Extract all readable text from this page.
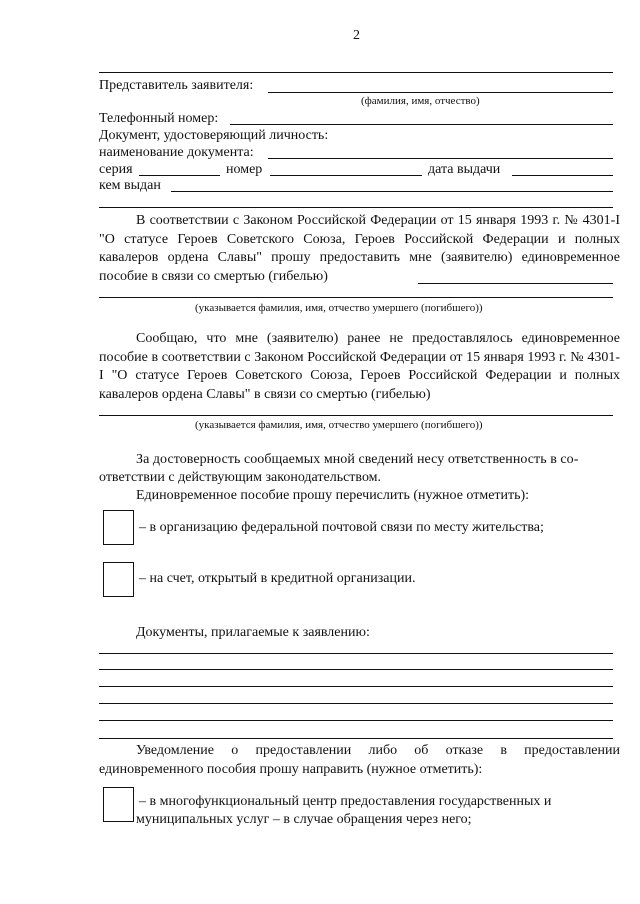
2
Представитель заявителя:
(фамилия, имя, отчество)
Телефонный номер:
Документ, удостоверяющий личность:
наименование документа:
серия	номер	дата выдачи
кем выдан
В соответствии с Законом Российской Федерации от 15 января 1993 г. № 4301-I "О статусе Героев Советского Союза, Героев Российской Федерации и полных кавалеров ордена Славы" прошу предоставить мне (заявителю) единовременное пособие в связи со смертью (гибелью)
(указывается фамилия, имя, отчество умершего (погибшего))
Сообщаю, что мне (заявителю) ранее не предоставлялось единовременное пособие в соответствии с Законом Российской Федерации от 15 января 1993 г. № 4301-I "О статусе Героев Советского Союза, Героев Российской Федерации и полных кавалеров ордена Славы" в связи со смертью (гибелью)
(указывается фамилия, имя, отчество умершего (погибшего))
За достоверность сообщаемых мной сведений несу ответственность в со-
ответствии с действующим законодательством.
Единовременное пособие прошу перечислить (нужное отметить):
– в организацию федеральной почтовой связи по месту жительства;
– на счет, открытый в кредитной организации.
Документы, прилагаемые к заявлению:
Уведомление о предоставлении либо об отказе в предоставлении единовременного пособия прошу направить (нужное отметить):
– в многофункциональный центр предоставления государственных и
муниципальных услуг – в случае обращения через него;
